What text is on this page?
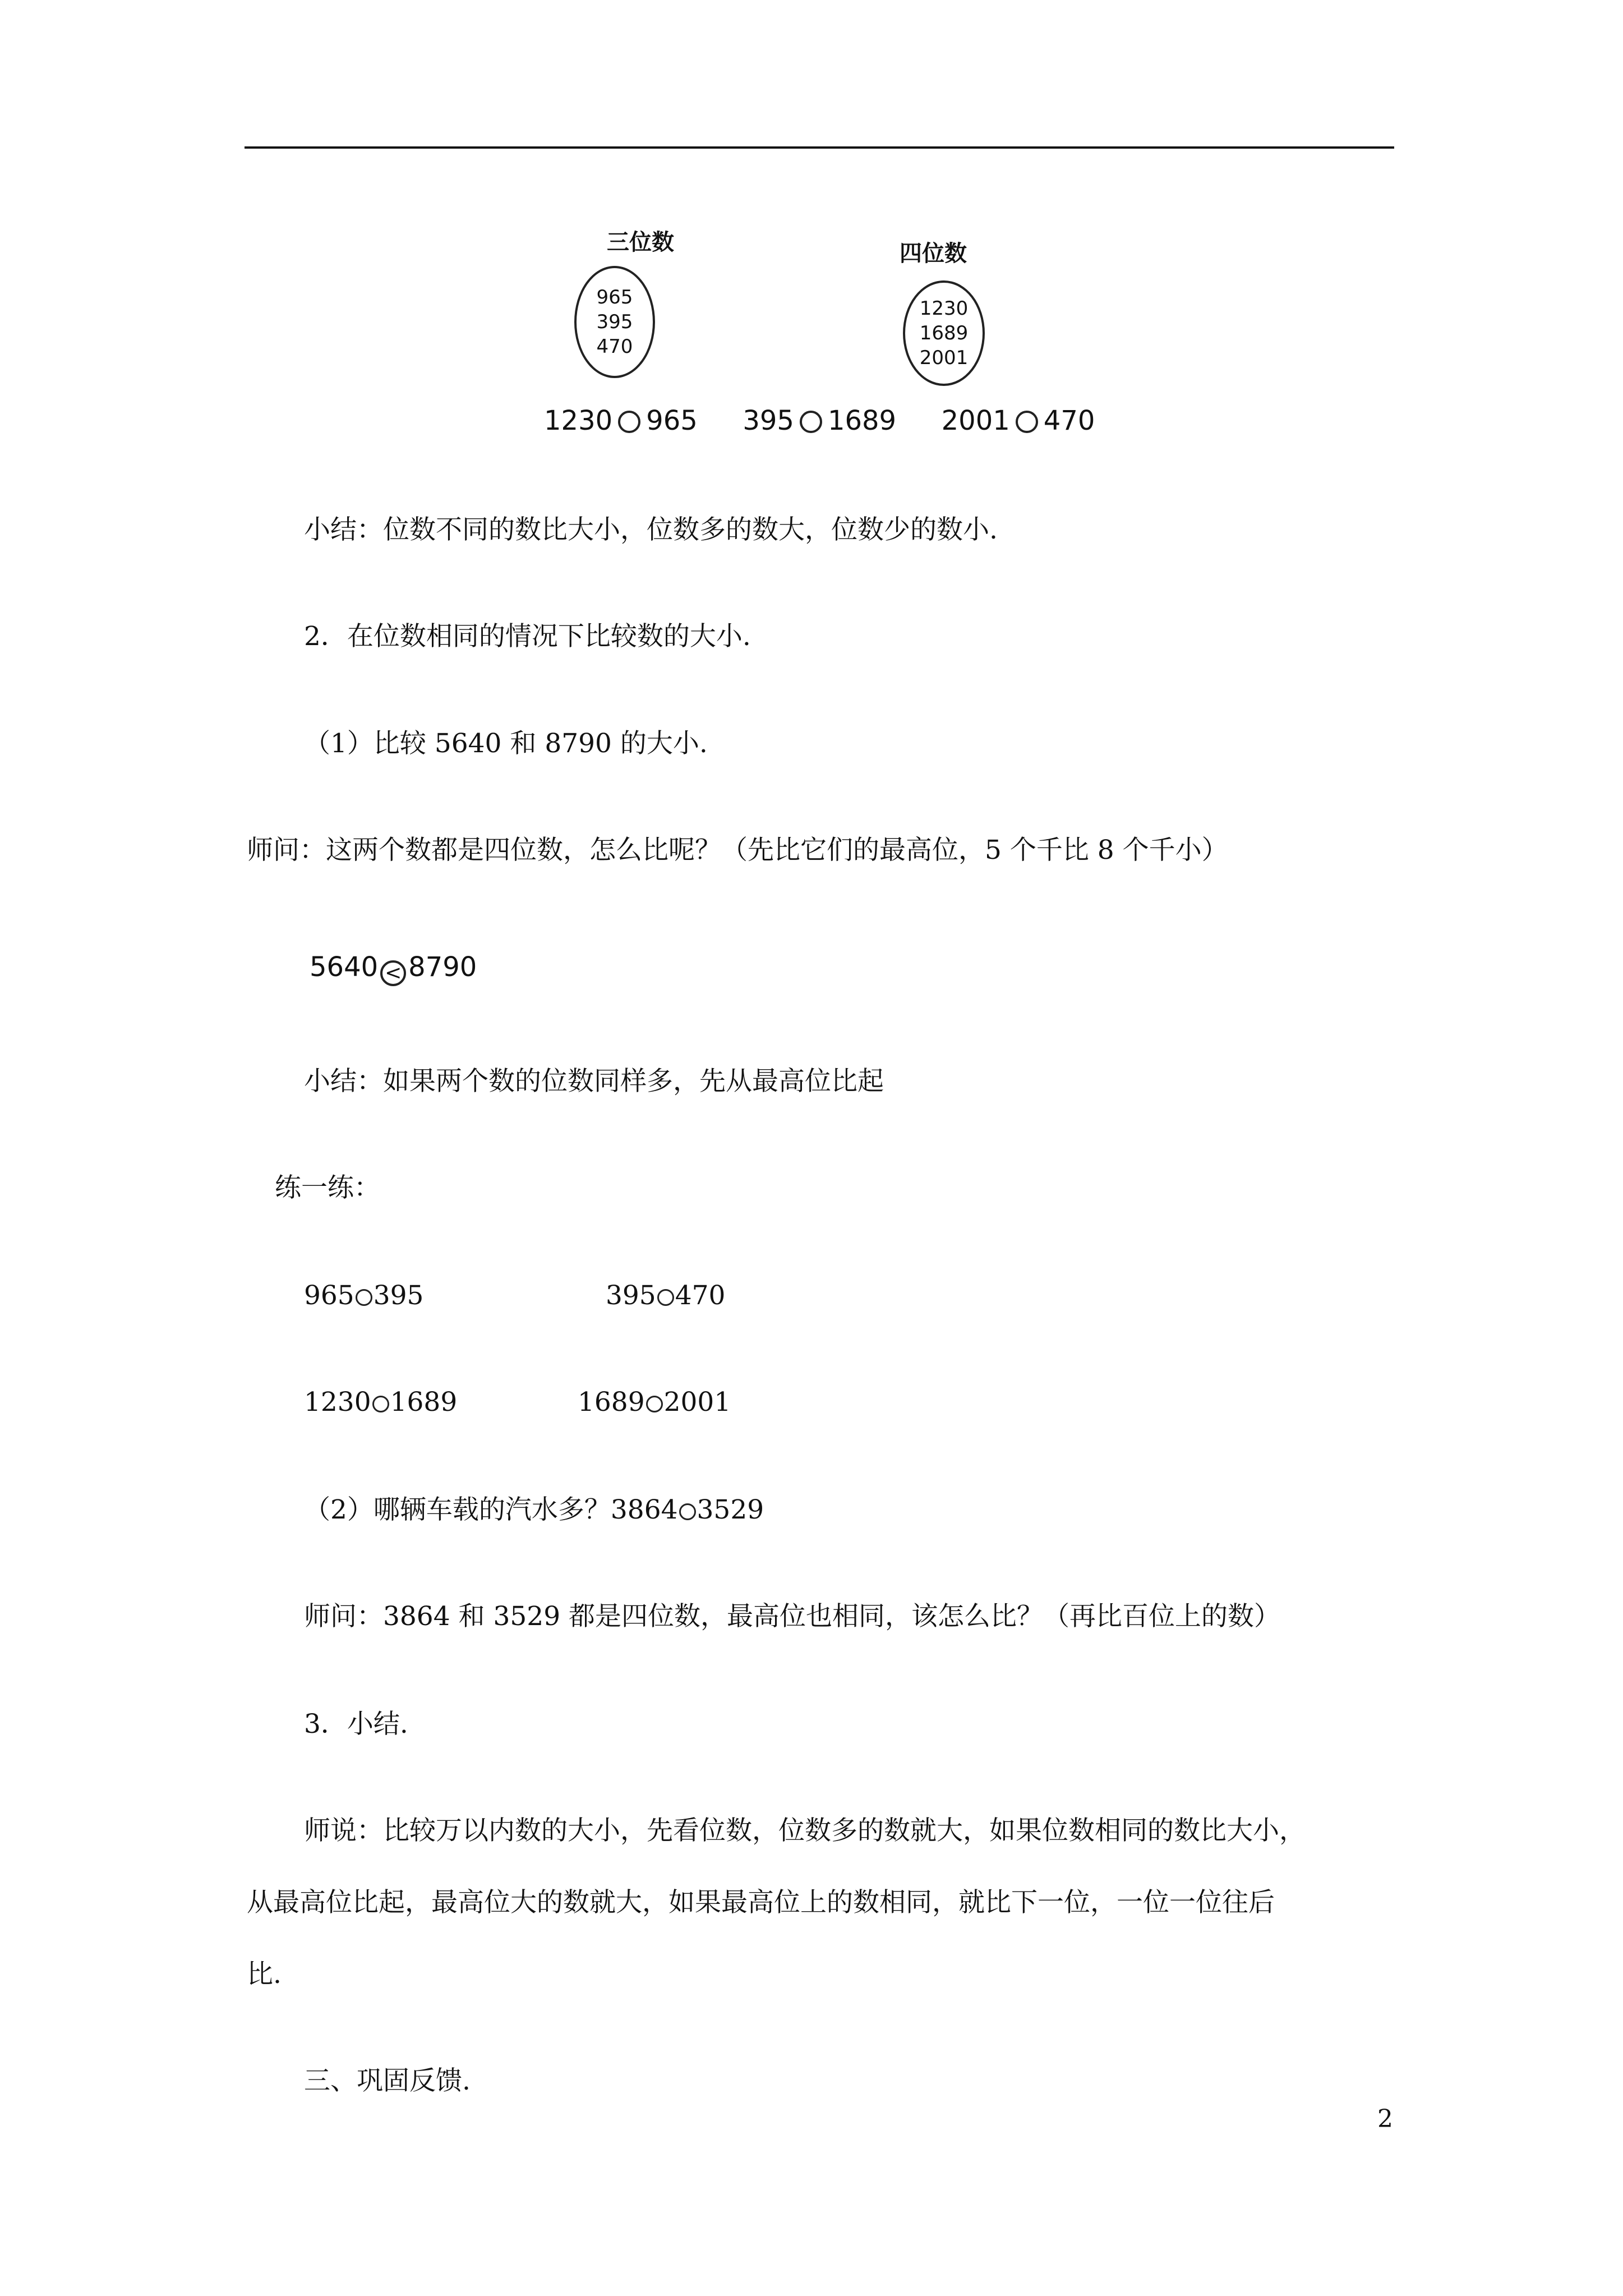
三位数
965
395
470
四位数
1230
1689
2001
1230 965 395 1689 2001 470
小结：位数不同的数比大小，位数多的数大，位数少的数小.
2．在位数相同的情况下比较数的大小.
（1）比较 5640 和 8790 的大小.
师问：这两个数都是四位数，怎么比呢？（先比它们的最高位，5 个千比 8 个千小）
5640 < 8790
小结：如果两个数的位数同样多，先从最高位比起
练一练：
965 395	395 470
1230 1689	1689 2001
（2）哪辆车载的汽水多？3864 3529
师问：3864 和 3529 都是四位数，最高位也相同，该怎么比？（再比百位上的数）
3．小结.
师说：比较万以内数的大小，先看位数，位数多的数就大，如果位数相同的数比大小，
从最高位比起，最高位大的数就大，如果最高位上的数相同，就比下一位，一位一位往后
比.
三、巩固反馈.
2
